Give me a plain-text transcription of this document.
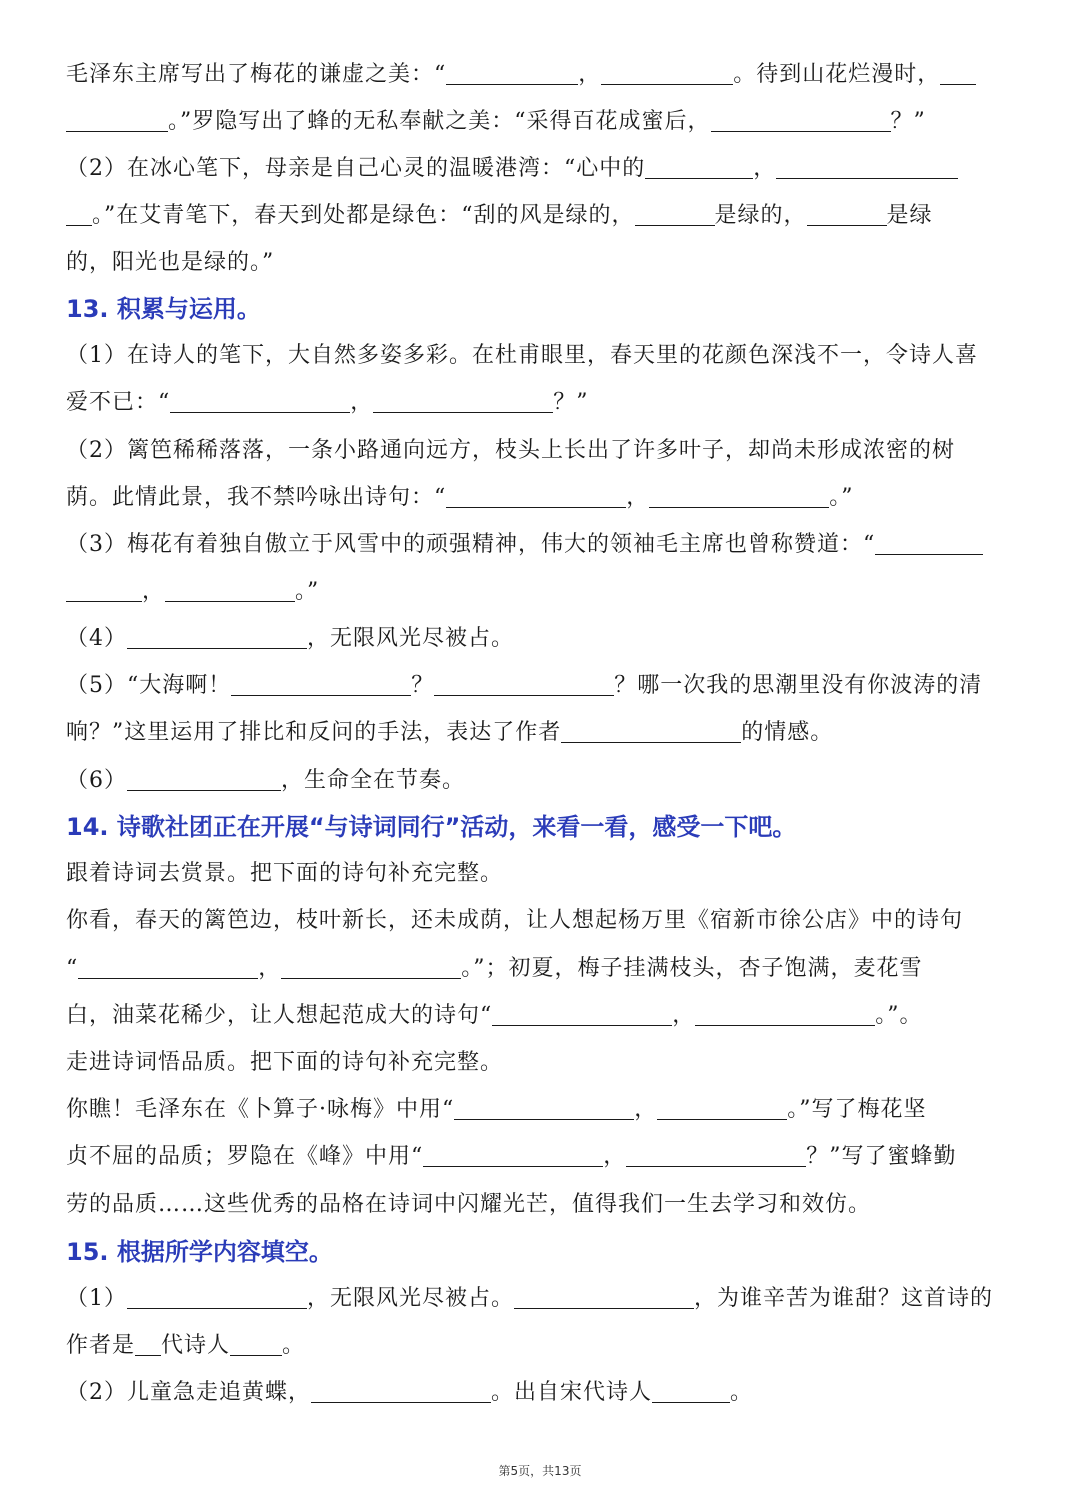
毛泽东主席写出了梅花的谦虚之美：“	，	。待到山花烂漫时，
。”罗隐写出了蜂的无私奉献之美：“采得百花成蜜后，	？”
（2）在冰心笔下，母亲是自己心灵的温暖港湾：“心中的	，
。”在艾青笔下，春天到处都是绿色：“刮的风是绿的，	是绿的，	是绿
的，阳光也是绿的。”
13. 积累与运用。
（1）在诗人的笔下，大自然多姿多彩。在杜甫眼里，春天里的花颜色深浅不一，令诗人喜
爱不已：“	，	？”
（2）篱笆稀稀落落，一条小路通向远方，枝头上长出了许多叶子，却尚未形成浓密的树
荫。此情此景，我不禁吟咏出诗句：“	，	。”
（3）梅花有着独自傲立于风雪中的顽强精神，伟大的领袖毛主席也曾称赞道：“
，	。”
（4）	，无限风光尽被占。
（5）“大海啊！	？	？哪一次我的思潮里没有你波涛的清
响？”这里运用了排比和反问的手法，表达了作者	的情感。
（6）	，生命全在节奏。
14. 诗歌社团正在开展“与诗词同行”活动，来看一看，感受一下吧。
跟着诗词去赏景。把下面的诗句补充完整。
你看，春天的篱笆边，枝叶新长，还未成荫，让人想起杨万里《宿新市徐公店》中的诗句
“	，	。”；初夏，梅子挂满枝头，杏子饱满，麦花雪
白，油菜花稀少，让人想起范成大的诗句“	，	。”。
走进诗词悟品质。把下面的诗句补充完整。
你瞧！毛泽东在《卜算子·咏梅》中用“	，	。”写了梅花坚
贞不屈的品质；罗隐在《峰》中用“	，	？”写了蜜蜂勤
劳的品质……这些优秀的品格在诗词中闪耀光芒，值得我们一生去学习和效仿。
15. 根据所学内容填空。
（1）	，无限风光尽被占。	，为谁辛苦为谁甜？这首诗的
作者是 代诗人 。
（2）儿童急走追黄蝶，	。出自宋代诗人	。
第5页，共13页
